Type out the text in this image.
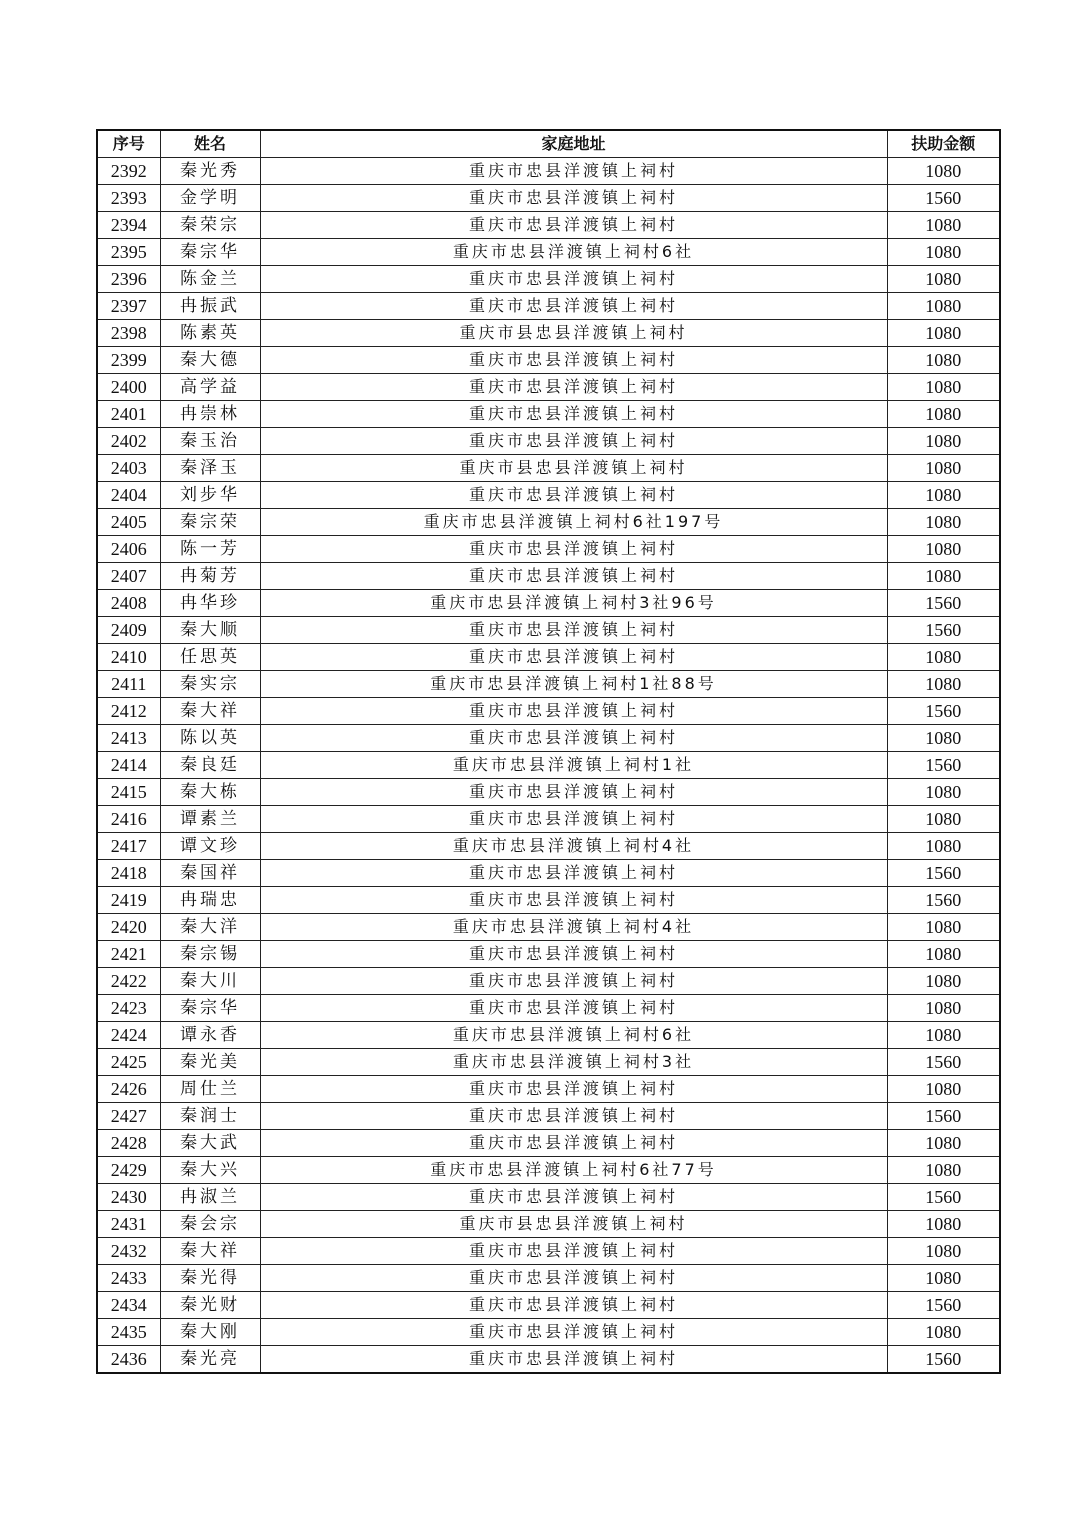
序号	姓名	家庭地址	扶助金额
2392	秦光秀	重庆市忠县洋渡镇上祠村	1080
2393	金学明	重庆市忠县洋渡镇上祠村	1560
2394	秦荣宗	重庆市忠县洋渡镇上祠村	1080
2395	秦宗华	重庆市忠县洋渡镇上祠村6社	1080
2396	陈金兰	重庆市忠县洋渡镇上祠村	1080
2397	冉振武	重庆市忠县洋渡镇上祠村	1080
2398	陈素英	重庆市县忠县洋渡镇上祠村	1080
2399	秦大德	重庆市忠县洋渡镇上祠村	1080
2400	高学益	重庆市忠县洋渡镇上祠村	1080
2401	冉崇林	重庆市忠县洋渡镇上祠村	1080
2402	秦玉治	重庆市忠县洋渡镇上祠村	1080
2403	秦泽玉	重庆市县忠县洋渡镇上祠村	1080
2404	刘步华	重庆市忠县洋渡镇上祠村	1080
2405	秦宗荣	重庆市忠县洋渡镇上祠村6社197号	1080
2406	陈一芳	重庆市忠县洋渡镇上祠村	1080
2407	冉菊芳	重庆市忠县洋渡镇上祠村	1080
2408	冉华珍	重庆市忠县洋渡镇上祠村3社96号	1560
2409	秦大顺	重庆市忠县洋渡镇上祠村	1560
2410	任思英	重庆市忠县洋渡镇上祠村	1080
2411	秦实宗	重庆市忠县洋渡镇上祠村1社88号	1080
2412	秦大祥	重庆市忠县洋渡镇上祠村	1560
2413	陈以英	重庆市忠县洋渡镇上祠村	1080
2414	秦良廷	重庆市忠县洋渡镇上祠村1社	1560
2415	秦大栋	重庆市忠县洋渡镇上祠村	1080
2416	谭素兰	重庆市忠县洋渡镇上祠村	1080
2417	谭文珍	重庆市忠县洋渡镇上祠村4社	1080
2418	秦国祥	重庆市忠县洋渡镇上祠村	1560
2419	冉瑞忠	重庆市忠县洋渡镇上祠村	1560
2420	秦大洋	重庆市忠县洋渡镇上祠村4社	1080
2421	秦宗锡	重庆市忠县洋渡镇上祠村	1080
2422	秦大川	重庆市忠县洋渡镇上祠村	1080
2423	秦宗华	重庆市忠县洋渡镇上祠村	1080
2424	谭永香	重庆市忠县洋渡镇上祠村6社	1080
2425	秦光美	重庆市忠县洋渡镇上祠村3社	1560
2426	周仕兰	重庆市忠县洋渡镇上祠村	1080
2427	秦润士	重庆市忠县洋渡镇上祠村	1560
2428	秦大武	重庆市忠县洋渡镇上祠村	1080
2429	秦大兴	重庆市忠县洋渡镇上祠村6社77号	1080
2430	冉淑兰	重庆市忠县洋渡镇上祠村	1560
2431	秦会宗	重庆市县忠县洋渡镇上祠村	1080
2432	秦大祥	重庆市忠县洋渡镇上祠村	1080
2433	秦光得	重庆市忠县洋渡镇上祠村	1080
2434	秦光财	重庆市忠县洋渡镇上祠村	1560
2435	秦大刚	重庆市忠县洋渡镇上祠村	1080
2436	秦光亮	重庆市忠县洋渡镇上祠村	1560
